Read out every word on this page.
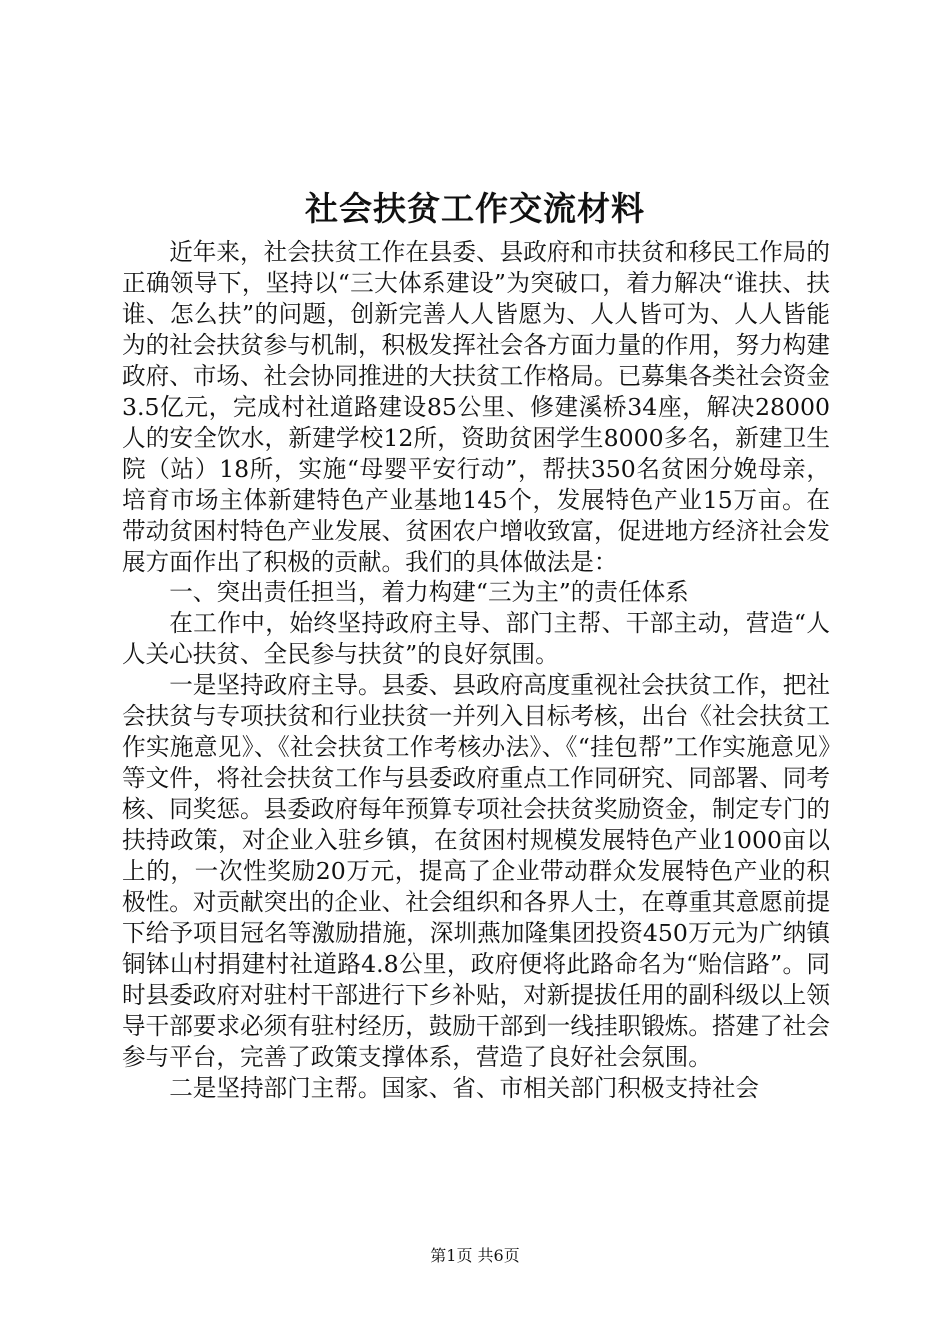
社会扶贫工作交流材料

近年来，社会扶贫工作在县委、县政府和市扶贫和移民工作局的正确领导下，坚持以“三大体系建设”为突破口，着力解决“谁扶、扶谁、怎么扶”的问题，创新完善人人皆愿为、人人皆可为、人人皆能为的社会扶贫参与机制，积极发挥社会各方面力量的作用，努力构建政府、市场、社会协同推进的大扶贫工作格局。已募集各类社会资金3.5亿元，完成村社道路建设85公里、修建溪桥34座，解决28000人的安全饮水，新建学校12所，资助贫困学生8000多名，新建卫生院（站）18所，实施“母婴平安行动”，帮扶350名贫困分娩母亲，培育市场主体新建特色产业基地145个，发展特色产业15万亩。在带动贫困村特色产业发展、贫困农户增收致富，促进地方经济社会发展方面作出了积极的贡献。我们的具体做法是：

一、突出责任担当，着力构建“三为主”的责任体系

在工作中，始终坚持政府主导、部门主帮、干部主动，营造“人人关心扶贫、全民参与扶贫”的良好氛围。

一是坚持政府主导。县委、县政府高度重视社会扶贫工作，把社会扶贫与专项扶贫和行业扶贫一并列入目标考核，出台《社会扶贫工作实施意见》、《社会扶贫工作考核办法》、《“挂包帮”工作实施意见》等文件，将社会扶贫工作与县委政府重点工作同研究、同部署、同考核、同奖惩。县委政府每年预算专项社会扶贫奖励资金，制定专门的扶持政策，对企业入驻乡镇，在贫困村规模发展特色产业1000亩以上的，一次性奖励20万元，提高了企业带动群众发展特色产业的积极性。对贡献突出的企业、社会组织和各界人士，在尊重其意愿前提下给予项目冠名等激励措施，深圳燕加隆集团投资450万元为广纳镇铜钵山村捐建村社道路4.8公里，政府便将此路命名为“贻信路”。同时县委政府对驻村干部进行下乡补贴，对新提拔任用的副科级以上领导干部要求必须有驻村经历，鼓励干部到一线挂职锻炼。搭建了社会参与平台，完善了政策支撑体系，营造了良好社会氛围。

二是坚持部门主帮。国家、省、市相关部门积极支持社会

第1页 共6页
